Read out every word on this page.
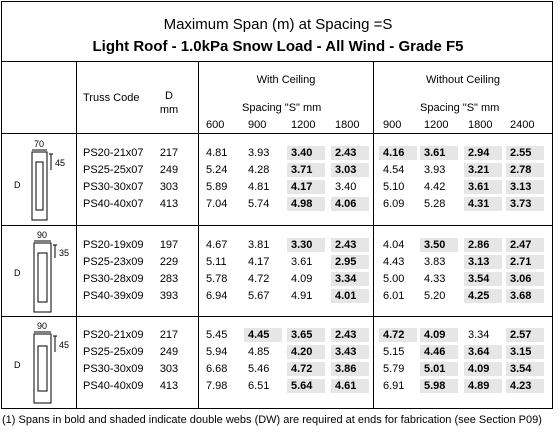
Maximum Span (m) at Spacing =S
Light Roof - 1.0kPa Snow Load - All Wind - Grade F5
Truss Code	D
mm
With Ceiling	Without Ceiling
Spacing "S" mm	Spacing "S" mm
600 900 1200 1800 900 1200 1800 2400
70
45
D
90
35
D
90
45
D
PS20-21x07 217	4.81 3.93	3.40	2.43	4.16	3.61	2.94	2.55
PS25-25x07 249	5.24 4.28	3.71	3.03	4.54 3.93	3.21	2.78
PS30-30x07 303	5.89 4.81	4.17	3.40 5.10 4.42	3.61	3.13
PS40-40x07 413	7.04 5.74	4.98	4.06	6.09 5.28	4.31	3.73
PS20-19x09 197	4.67 3.81	3.30	2.43	4.04	3.50	2.86	2.47
PS25-23x09 229	5.11 4.17 3.61	2.95	4.43 3.83	3.13	2.71
PS30-28x09 283	5.78 4.72 4.09	3.34	5.00 4.33	3.54	3.06
PS40-39x09 393	6.94 5.67 4.91	4.01	6.01 5.20	4.25	3.68
PS20-21x09 217	5.45	4.45	3.65	2.43	4.72	4.09	3.34	2.57
PS25-25x09 249	5.94 4.85	4.20	3.43	5.15	4.46	3.64	3.15
PS30-30x09 303	6.68 5.46	4.72	3.86	5.79	5.01	4.09	3.54
PS40-40x09 413	7.98 6.51	5.64	4.61	6.91	5.98	4.89	4.23
(1) Spans in bold and shaded indicate double webs (DW) are required at ends for fabrication (see Section P09)
